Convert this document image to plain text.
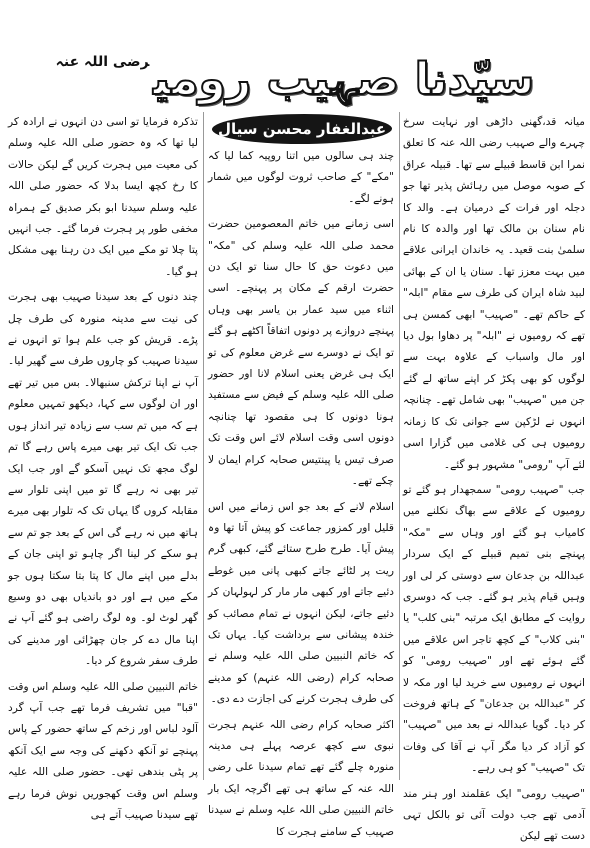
سیّدنا صہیب رومی$^{رضی اللہ عنہ}$
عبدالغفار محسن سیال میانہ قد،گھنی داڑھی اور نہایت سرخ چہرے والے صہیب رضی اللہ عنہ کا تعلق نمرا ابن قاسط قبیلے سے تھا۔ قبیلہ عراق کے صوبہ موصل میں رہائش پذیر تھا جو دجلہ اور فرات کے درمیان ہے۔ والد کا نام سنان بن مالک تھا اور والدہ کا نام سلمیٰ بنت قعید۔ یہ خاندان ایرانی علاقے میں بہت معزز تھا۔ سنان یا ان کے بھائی لبید شاہ ایران کی طرف سے مقام "ابلہ" کے حاکم تھے۔ "صہیب" ابھی کمسن ہی تھے کہ رومیوں نے "ابلہ" پر دھاوا بول دیا اور مال واسباب کے علاوہ بہت سے لوگوں کو بھی پکڑ کر اپنے ساتھ لے گئے جن میں "صہیب" بھی شامل تھے۔ چنانچہ انہوں نے لڑکپن سے جوانی تک کا زمانہ رومیوں ہی کی غلامی میں گزارا اسی لئے آپ "رومی" مشہور ہو گئے۔

جب "صہیب رومی" سمجھدار ہو گئے تو رومیوں کے علاقے سے بھاگ نکلنے میں کامیاب ہو گئے اور وہاں سے "مکہ" پہنچے بنی تمیم قبیلے کے ایک سردار عبداللہ بن جدعان سے دوستی کر لی اور وہیں قیام پذیر ہو گئے۔ جب کہ دوسری روایت کے مطابق ایک مرتبہ "بنی کلب" یا "بنی کلاب" کے کچھ تاجر اس علاقے میں گئے ہوئے تھے اور "صہیب رومی" کو انہوں نے رومیوں سے خرید لیا اور مکہ لا کر "عبداللہ بن جدعان" کے ہاتھ فروخت کر دیا۔ گویا عبداللہ نے بعد میں "صہیب" کو آزاد کر دیا مگر آپ نے آقا کی وفات تک "صہیب" کو ہی رہے۔

"صہیب رومی" ایک عقلمند اور ہنر مند آدمی تھے جب دولت آئی تو بالکل تہی دست تھے لیکن

چند ہی سالوں میں اتنا روپیہ کما لیا کہ "مکے" کے صاحب ثروت لوگوں میں شمار ہونے لگے۔

اسی زمانے میں خاتم المعصومین حضرت محمد صلی اللہ علیہ وسلم کی "مکہ" میں دعوت حق کا حال سنا تو ایک دن حضرت ارقم کے مکان پر پہنچے۔ اسی اثناء میں سید عمار بن یاسر بھی وہاں پہنچے دروازے پر دونوں اتفاقاً اکٹھے ہو گئے تو ایک نے دوسرے سے غرض معلوم کی تو ایک ہی غرض یعنی اسلام لانا اور حضور صلی اللہ علیہ وسلم کے فیض سے مستفید ہونا دونوں کا ہی مقصود تھا چنانچہ دونوں اسی وقت اسلام لائے اس وقت تک صرف تیس یا پینتیس صحابہ کرام ایمان لا چکے تھے۔

اسلام لانے کے بعد جو اس زمانے میں اس قلیل اور کمزور جماعت کو پیش آتا تھا وہ پیش آیا۔ طرح طرح ستائے گئے، کبھی گرم ریت پر لٹائے جاتے کبھی پانی میں غوطے دئیے جاتے اور کبھی مار مار کر لہولہان کر دئیے جاتے، لیکن انہوں نے تمام مصائب کو خندہ پیشانی سے برداشت کیا۔ یہاں تک کہ خاتم النبیین صلی اللہ علیہ وسلم نے صحابہ کرام (رضی اللہ عنہم) کو مدینے کی طرف ہجرت کرنے کی اجازت دے دی۔

اکثر صحابہ کرام رضی اللہ عنہم ہجرت نبوی سے کچھ عرصہ پہلے ہی مدینہ منورہ چلے گئے تھے تمام سیدنا علی رضی اللہ عنہ کے ساتھ ہی تھے اگرچہ ایک بار خاتم النبیین صلی اللہ علیہ وسلم نے سیدنا صہیب کے سامنے ہجرت کا

تذکرہ فرمایا تو اسی دن انہوں نے ارادہ کر لیا تھا کہ وہ حضور صلی اللہ علیہ وسلم کی معیت میں ہجرت کریں گے لیکن حالات کا رخ کچھ ایسا بدلا کہ حضور صلی اللہ علیہ وسلم سیدنا ابو بکر صدیق کے ہمراہ مخفی طور پر ہجرت فرما گئے۔ جب انہیں پتا چلا تو مکے میں ایک دن رہنا بھی مشکل ہو گیا۔

چند دنوں کے بعد سیدنا صہیب بھی ہجرت کی نیت سے مدینہ منورہ کی طرف چل پڑے۔ قریش کو جب علم ہوا تو انہوں نے سیدنا صہیب کو چاروں طرف سے گھیر لیا۔ آپ نے اپنا ترکش سنبھالا۔ بس میں تیر تھے اور ان لوگوں سے کہا، دیکھو تمہیں معلوم ہے کہ میں تم سب سے زیادہ تیر انداز ہوں جب تک ایک تیر بھی میرے پاس رہے گا تم لوگ مجھ تک نہیں آسکو گے اور جب ایک تیر بھی نہ رہے گا تو میں اپنی تلوار سے مقابلہ کروں گا یہاں تک کہ تلوار بھی میرے ہاتھ میں نہ رہے گی اس کے بعد جو تم سے ہو سکے کر لینا اگر چاہو تو اپنی جان کے بدلے میں اپنے مال کا پتا بتا سکتا ہوں جو مکے میں ہے اور دو باندیاں بھی دو وسیع گھر لوٹ لو۔ وہ لوگ راضی ہو گئے آپ نے اپنا مال دے کر جان چھڑائی اور مدینے کی طرف سفر شروع کر دیا۔

خاتم النبیین صلی اللہ علیہ وسلم اس وقت "قبا" میں تشریف فرما تھے جب آپ گرد آلود لباس اور زخم کے ساتھ حضور کے پاس پہنچے تو آنکھ دکھنے کی وجہ سے ایک آنکھ پر پٹی بندھی تھی۔ حضور صلی اللہ علیہ وسلم اس وقت کھجوریں نوش فرما رہے تھے سیدنا صہیب آتے ہی
